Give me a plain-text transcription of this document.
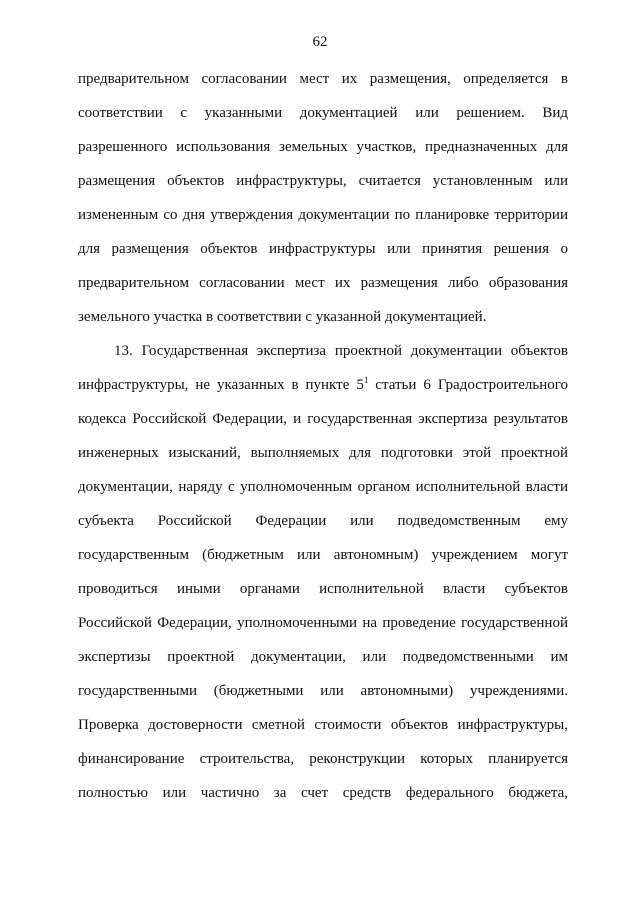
62
предварительном согласовании мест их размещения, определяется в
соответствии с указанными документацией или решением. Вид
разрешенного использования земельных участков, предназначенных для
размещения объектов инфраструктуры, считается установленным или
измененным со дня утверждения документации по планировке территории
для размещения объектов инфраструктуры или принятия решения о
предварительном согласовании мест их размещения либо образования
земельного участка в соответствии с указанной документацией.
13. Государственная экспертиза проектной документации объектов
инфраструктуры, не указанных в пункте $5^1$ статьи 6 Градостроительного
кодекса Российской Федерации, и государственная экспертиза результатов
инженерных изысканий, выполняемых для подготовки этой проектной
документации, наряду с уполномоченным органом исполнительной власти
субъекта Российской Федерации или подведомственным ему
государственным (бюджетным или автономным) учреждением могут
проводиться иными органами исполнительной власти субъектов
Российской Федерации, уполномоченными на проведение государственной
экспертизы проектной документации, или подведомственными им
государственными (бюджетными или автономными) учреждениями.
Проверка достоверности сметной стоимости объектов инфраструктуры,
финансирование строительства, реконструкции которых планируется
полностью или частично за счет средств федерального бюджета,
